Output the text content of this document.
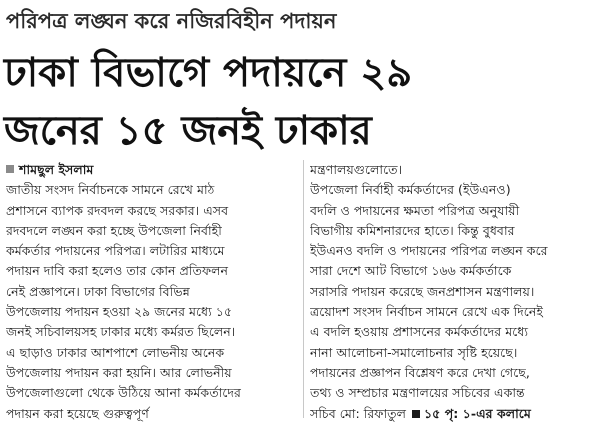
পরিপত্র লঙ্ঘন করে নজিরবিহীন পদায়ন
ঢাকা বিভাগে পদায়নে ২৯
জনের ১৫ জনই ঢাকার
শামছুল ইসলাম
জাতীয় সংসদ নির্বাচনকে সামনে রেখে মাঠ
প্রশাসনে ব্যাপক রদবদল করছে সরকার। এসব
রদবদলে লঙ্ঘন করা হচ্ছে উপজেলা নির্বাহী
কর্মকর্তার পদায়নের পরিপত্র। লটারির মাধ্যমে
পদায়ন দাবি করা হলেও তার কোন প্রতিফলন
নেই প্রজ্ঞাপনে। ঢাকা বিভাগের বিভিন্ন
উপজেলায় পদায়ন হওয়া ২৯ জনের মধ্যে ১৫
জনই সচিবালয়সহ ঢাকার মধ্যে কর্মরত ছিলেন।
এ ছাড়াও ঢাকার আশপাশে লোভনীয় অনেক
উপজেলায় পদায়ন করা হয়নি। আর লোভনীয়
উপজেলাগুলো থেকে উঠিয়ে আনা কর্মকর্তাদের
পদায়ন করা হয়েছে গুরুত্বপূর্ণ
মন্ত্রণালয়গুলোতে।
উপজেলা নির্বাহী কর্মকর্তাদের (ইউএনও)
বদলি ও পদায়নের ক্ষমতা পরিপত্র অনুযায়ী
বিভাগীয় কমিশনারদের হাতে। কিন্তু বুধবার
ইউএনও বদলি ও পদায়নের পরিপত্র লঙ্ঘন করে
সারা দেশে আট বিভাগে ১৬৬ কর্মকর্তাকে
সরাসরি পদায়ন করেছে জনপ্রশাসন মন্ত্রণালয়।
ত্রয়োদশ সংসদ নির্বাচন সামনে রেখে এক দিনেই
এ বদলি হওয়ায় প্রশাসনের কর্মকর্তাদের মধ্যে
নানা আলোচনা-সমালোচনার সৃষ্টি হয়েছে।
পদায়নের প্রজ্ঞাপন বিশ্লেষণ করে দেখা গেছে,
তথ্য ও সম্প্রচার মন্ত্রণালয়ের সচিবের একান্ত
সচিব মো: রিফাতুল ১৫ পৃ: ১-এর কলামে
